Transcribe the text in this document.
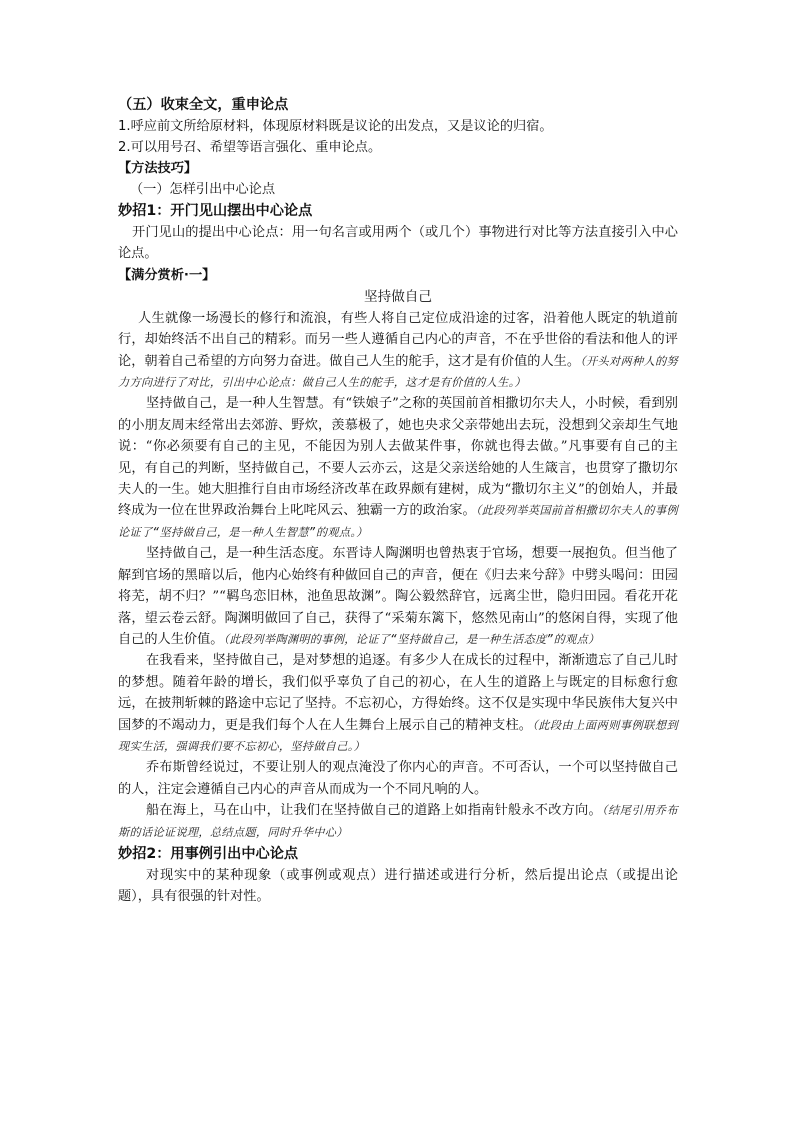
（五）收束全文，重申论点

1.呼应前文所给原材料，体现原材料既是议论的出发点，又是议论的归宿。

2.可以用号召、希望等语言强化、重申论点。

【方法技巧】

（一）怎样引出中心论点

妙招1：开门见山摆出中心论点

开门见山的提出中心论点：用一句名言或用两个（或几个）事物进行对比等方法直接引入中心论点。

【满分赏析·一】

坚持做自己

人生就像一场漫长的修行和流浪，有些人将自己定位成沿途的过客，沿着他人既定的轨道前行，却始终活不出自己的精彩。而另一些人遵循自己内心的声音，不在乎世俗的看法和他人的评论，朝着自己希望的方向努力奋进。做自己人生的舵手，这才是有价值的人生。（开头对两种人的努力方向进行了对比，引出中心论点：做自己人生的舵手，这才是有价值的人生。）

坚持做自己，是一种人生智慧。有“铁娘子”之称的英国前首相撒切尔夫人，小时候，看到别的小朋友周末经常出去郊游、野炊，羡慕极了，她也央求父亲带她出去玩，没想到父亲却生气地说：“你必须要有自己的主见，不能因为别人去做某件事，你就也得去做。”凡事要有自己的主见，有自己的判断，坚持做自己，不要人云亦云，这是父亲送给她的人生箴言，也贯穿了撒切尔夫人的一生。她大胆推行自由市场经济改革在政界颇有建树，成为“撒切尔主义”的创始人，并最终成为一位在世界政治舞台上叱咤风云、独霸一方的政治家。（此段列举英国前首相撒切尔夫人的事例论证了“坚持做自己，是一种人生智慧”的观点。）

坚持做自己，是一种生活态度。东晋诗人陶渊明也曾热衷于官场，想要一展抱负。但当他了解到官场的黑暗以后，他内心始终有种做回自己的声音，便在《归去来兮辞》中劈头喝问：田园将芜，胡不归？”“羁鸟恋旧林，池鱼思故渊”。陶公毅然辞官，远离尘世，隐归田园。看花开花落，望云卷云舒。陶渊明做回了自己，获得了“采菊东篱下，悠然见南山”的悠闲自得，实现了他自己的人生价值。（此段列举陶渊明的事例，论证了“坚持做自己，是一种生活态度”的观点）

在我看来，坚持做自己，是对梦想的追逐。有多少人在成长的过程中，渐渐遗忘了自己儿时的梦想。随着年龄的增长，我们似乎辜负了自己的初心，在人生的道路上与既定的目标愈行愈远，在披荆斩棘的路途中忘记了坚持。不忘初心，方得始终。这不仅是实现中华民族伟大复兴中国梦的不竭动力，更是我们每个人在人生舞台上展示自己的精神支柱。（此段由上面两则事例联想到现实生活，强调我们要不忘初心，坚持做自己。）

乔布斯曾经说过，不要让别人的观点淹没了你内心的声音。不可否认，一个可以坚持做自己的人，注定会遵循自己内心的声音从而成为一个不同凡响的人。

船在海上，马在山中，让我们在坚持做自己的道路上如指南针般永不改方向。（结尾引用乔布斯的话论证说理，总结点题，同时升华中心）

妙招2：用事例引出中心论点

对现实中的某种现象（或事例或观点）进行描述或进行分析，然后提出论点（或提出论题），具有很强的针对性。
